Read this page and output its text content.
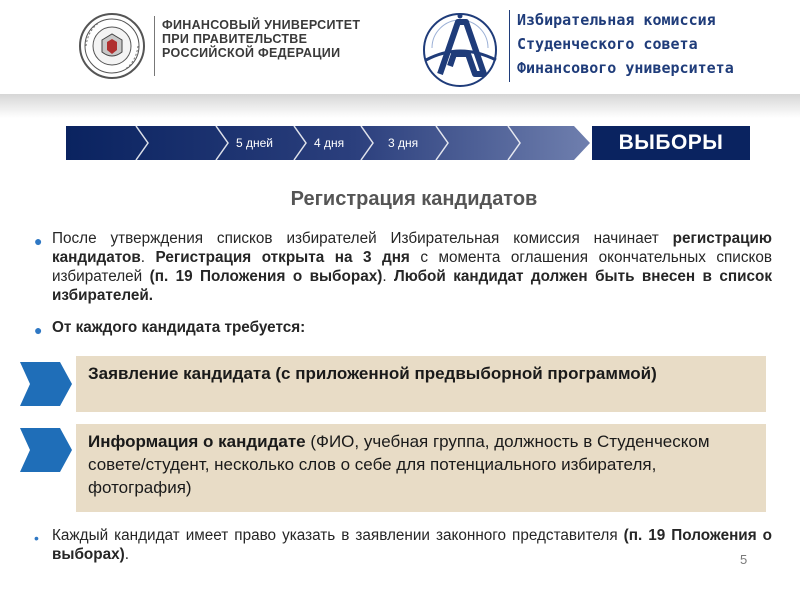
ФИНАНСОВЫЙ УНИВЕРСИТЕТ
ПРИ ПРАВИТЕЛЬСТВЕ
РОССИЙСКОЙ ФЕДЕРАЦИИ
Избирательная комиссия
Студенческого совета
Финансового университета
5 дней	4 дня	3 дня	ВЫБОРЫ
Регистрация кандидатов
● После утверждения списков избирателей Избирательная комиссия начинает регистрацию кандидатов. Регистрация открыта на 3 дня с момента оглашения окончательных списков избирателей (п. 19 Положения о выборах). Любой кандидат должен быть внесен в список избирателей.
● От каждого кандидата требуется:
Заявление кандидата (с приложенной предвыборной программой)
Информация о кандидате (ФИО, учебная группа, должность в Студенческом совете/студент, несколько слов о себе для потенциального избирателя, фотография)
• Каждый кандидат имеет право указать в заявлении законного представителя (п. 19 Положения о выборах).	5
